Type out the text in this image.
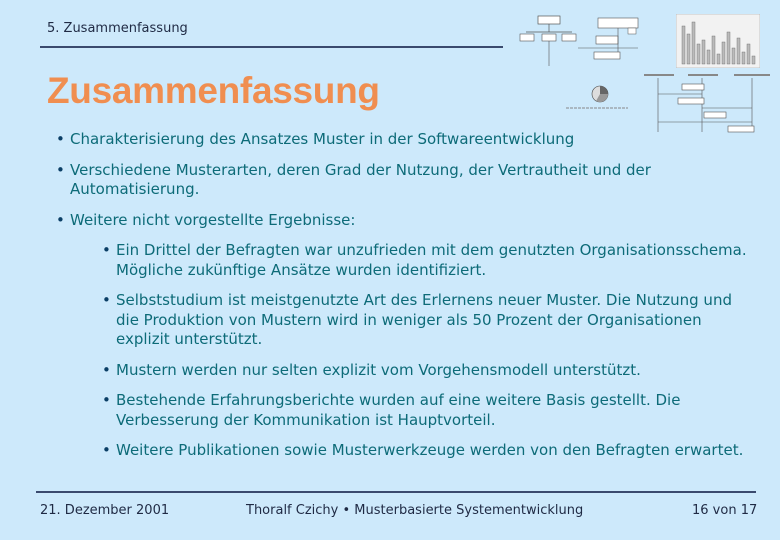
5. Zusammenfassung
Zusammenfassung
• Charakterisierung des Ansatzes Muster in der Softwareentwicklung
• Verschiedene Musterarten, deren Grad der Nutzung, der Vertrautheit und der Automatisierung.
• Weitere nicht vorgestellte Ergebnisse:
• Ein Drittel der Befragten war unzufrieden mit dem genutzten Organisationsschema. Mögliche zukünftige Ansätze wurden identifiziert.
• Selbststudium ist meistgenutzte Art des Erlernens neuer Muster. Die Nutzung und die Produktion von Mustern wird in weniger als 50 Prozent der Organisationen explizit unterstützt.
• Mustern werden nur selten explizit vom Vorgehensmodell unterstützt.
• Bestehende Erfahrungsberichte wurden auf eine weitere Basis gestellt. Die Verbesserung der Kommunikation ist Hauptvorteil.
• Weitere Publikationen sowie Musterwerkzeuge werden von den Befragten erwartet.
21. Dezember 2001	Thoralf Czichy • Musterbasierte Systementwicklung	16 von 17
